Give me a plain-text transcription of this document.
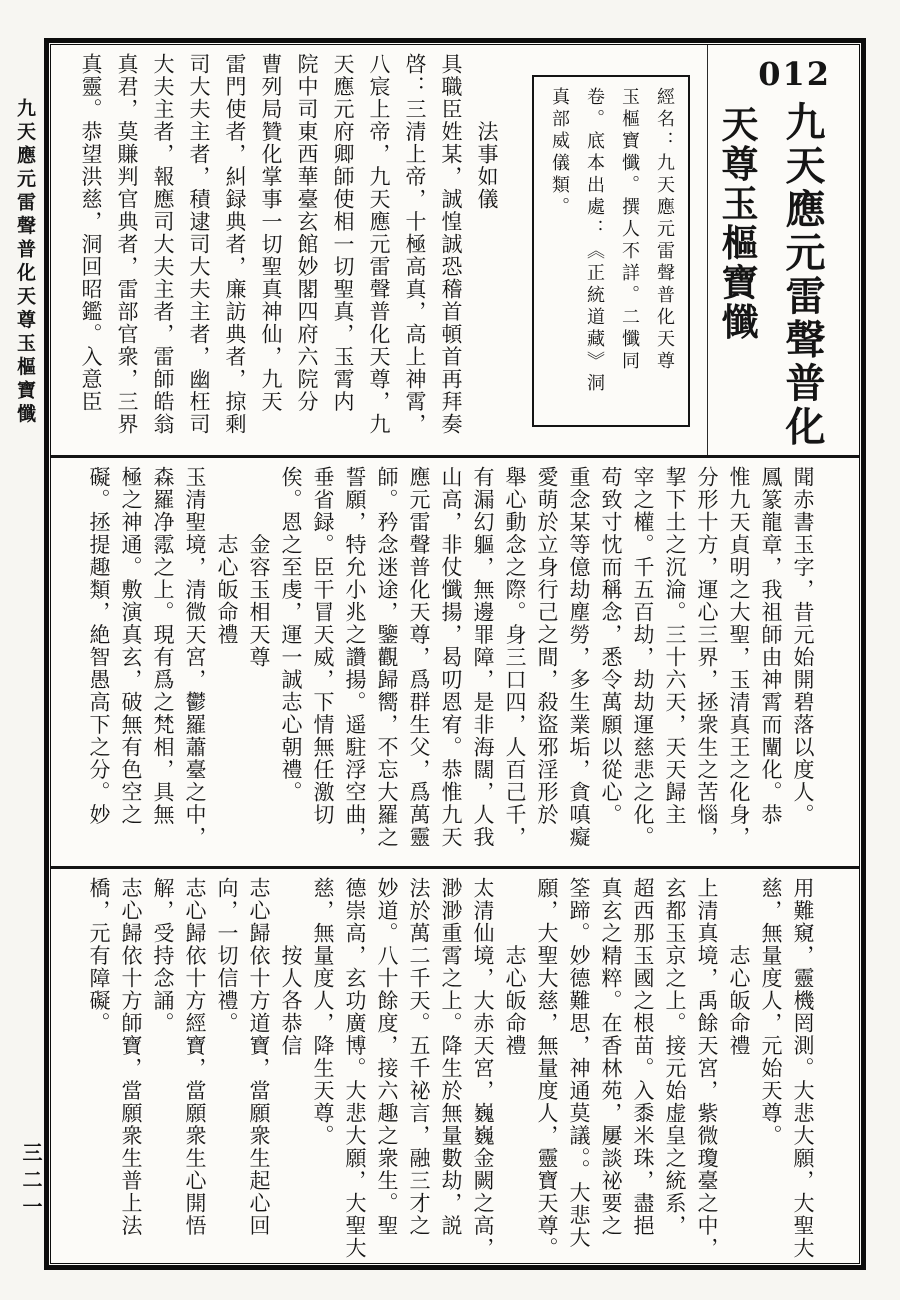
九天應元雷聲普化天尊玉樞寶懺
三二一
012
九天應元雷聲普化
天尊玉樞寶懺
經名：九天應元雷聲普化天尊
玉樞寶懺。撰人不詳。二懺同
卷。底本出處：《正統道藏》洞
真部威儀類。
　　　法事如儀
具職臣姓某，誠惶誠恐稽首頓首再拜奏
啓：三清上帝，十極高真，高上神霄，
八宸上帝，九天應元雷聲普化天尊，九
天應元府卿師使相一切聖真，玉霄内
院中司東西華臺玄館妙閣四府六院分
曹列局贊化掌事一切聖真神仙，九天
雷門使者，糾録典者，廉訪典者，掠剩
司大夫主者，積逮司大夫主者，幽枉司
大夫主者，報應司大夫主者，雷師皓翁
真君，莫賺判官典者，雷部官衆，三界
真靈。恭望洪慈，洞回昭鑑。入意臣
聞赤書玉字，昔元始開碧落以度人。
鳳篆龍章，我祖師由神霄而闡化。恭
惟九天貞明之大聖，玉清真王之化身，
分形十方，運心三界，拯衆生之苦惱，
挈下土之沉淪。三十六天，天天歸主
宰之權。千五百劫，劫劫運慈悲之化。
苟致寸忱而稱念，悉令萬願以從心。
重念某等億劫塵勞，多生業垢，貪嗔癡
愛萌於立身行己之間，殺盜邪淫形於
舉心動念之際。身三口四，人百己千，
有漏幻軀，無邊罪障，是非海闊，人我
山高，非仗懺揚，曷叨恩宥。恭惟九天
應元雷聲普化天尊，爲群生父，爲萬靈
師。矜念迷途，鑒觀歸嚮，不忘大羅之
誓願，特允小兆之讚揚。遥駐浮空曲，
垂省録。臣干冒天威，下情無任激切
俟。恩之至虔，運一誠志心朝禮。
　　　金容玉相天尊
　　　志心皈命禮
玉清聖境，清微天宮，鬱羅蕭臺之中，
森羅净霐之上。現有爲之梵相，具無
極之神通。敷演真玄，破無有色空之
礙。拯提趣類，絶智愚高下之分。妙
用難窺，靈機罔測。大悲大願，大聖大
慈，無量度人，元始天尊。
　　　志心皈命禮
上清真境，禹餘天宮，紫微瓊臺之中，
玄都玉京之上。接元始虚皇之統系，
超西那玉國之根苗。入黍米珠，盡挹
真玄之精粹。在香林苑，屢談祕要之
筌蹄。妙德難思，神通莫議。。大悲大
願，大聖大慈，無量度人，靈寶天尊。
　　　志心皈命禮
太清仙境，大赤天宮，巍巍金闕之高，
渺渺重霄之上。降生於無量數劫，説
法於萬二千天。五千祕言，融三才之
妙道。八十餘度，接六趣之衆生。聖
德崇高，玄功廣博。大悲大願，大聖大
慈，無量度人，降生天尊。
　　　按人各恭信
志心歸依十方道寶，當願衆生起心回
向，一切信禮。
志心歸依十方經寶，當願衆生心開悟
解，受持念誦。
志心歸依十方師寶，當願衆生普上法
橋，元有障礙。
